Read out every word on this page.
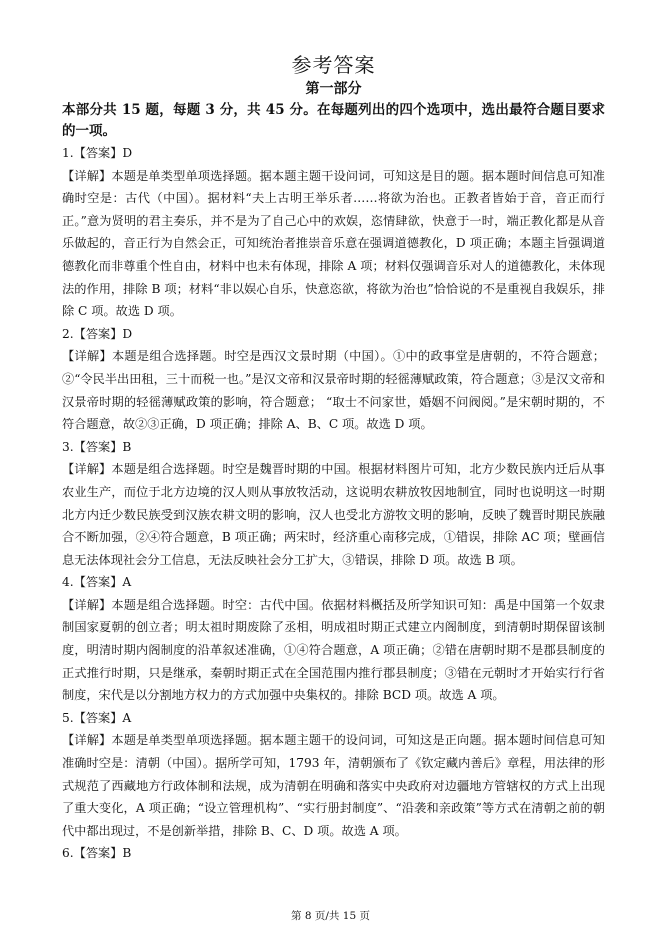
参考答案
第一部分

本部分共 15 题，每题 3 分，共 45 分。在每题列出的四个选项中，选出最符合题目要求的一项。

1.【答案】D

【详解】本题是单类型单项选择题。据本题主题干设问词，可知这是目的题。据本题时间信息可知准确时空是：古代（中国）。据材料“夫上古明王举乐者……将欲为治也。正教者皆始于音，音正而行正。”意为贤明的君主奏乐，并不是为了自己心中的欢娱，恣情肆欲，快意于一时，端正教化都是从音乐做起的，音正行为自然会正，可知统治者推崇音乐意在强调道德教化，D 项正确；本题主旨强调道德教化而非尊重个性自由，材料中也未有体现，排除 A 项；材料仅强调音乐对人的道德教化，未体现法的作用，排除 B 项；材料“非以娱心自乐，快意恣欲，将欲为治也”恰恰说的不是重视自我娱乐，排除 C 项。故选 D 项。

2.【答案】D

【详解】本题是组合选择题。时空是西汉文景时期（中国）。①中的政事堂是唐朝的，不符合题意；②“令民半出田租，三十而税一也。”是汉文帝和汉景帝时期的轻徭薄赋政策，符合题意；③是汉文帝和汉景帝时期的轻徭薄赋政策的影响，符合题意； “取士不问家世，婚姻不问阀阅。”是宋朝时期的，不符合题意，故②③正确，D 项正确；排除 A、B、C 项。故选 D 项。

3.【答案】B

【详解】本题是组合选择题。时空是魏晋时期的中国。根据材料图片可知，北方少数民族内迁后从事农业生产，而位于北方边境的汉人则从事放牧活动，这说明农耕放牧因地制宜，同时也说明这一时期北方内迁少数民族受到汉族农耕文明的影响，汉人也受北方游牧文明的影响，反映了魏晋时期民族融合不断加强，②④符合题意，B 项正确；两宋时，经济重心南移完成，①错误，排除 AC 项；壁画信息无法体现社会分工信息，无法反映社会分工扩大，③错误，排除 D 项。故选 B 项。

4.【答案】A

【详解】本题是组合选择题。时空：古代中国。依据材料概括及所学知识可知：禹是中国第一个奴隶制国家夏朝的创立者；明太祖时期废除了丞相，明成祖时期正式建立内阁制度，到清朝时期保留该制度，明清时期内阁制度的沿革叙述准确，①④符合题意，A 项正确；②错在唐朝时期不是郡县制度的正式推行时期，只是继承，秦朝时期正式在全国范围内推行郡县制度；③错在元朝时才开始实行行省制度，宋代是以分割地方权力的方式加强中央集权的。排除 BCD 项。故选 A 项。

5.【答案】A

【详解】本题是单类型单项选择题。据本题主题干的设问词，可知这是正向题。据本题时间信息可知准确时空是：清朝（中国）。据所学可知，1793 年，清朝颁布了《钦定藏内善后》章程，用法律的形式规范了西藏地方行政体制和法规，成为清朝在明确和落实中央政府对边疆地方管辖权的方式上出现了重大变化，A 项正确；“设立管理机构”、“实行册封制度”、“沿袭和亲政策”等方式在清朝之前的朝代中都出现过，不是创新举措，排除 B、C、D 项。故选 A 项。

6.【答案】B

第 8 页/共 15 页
